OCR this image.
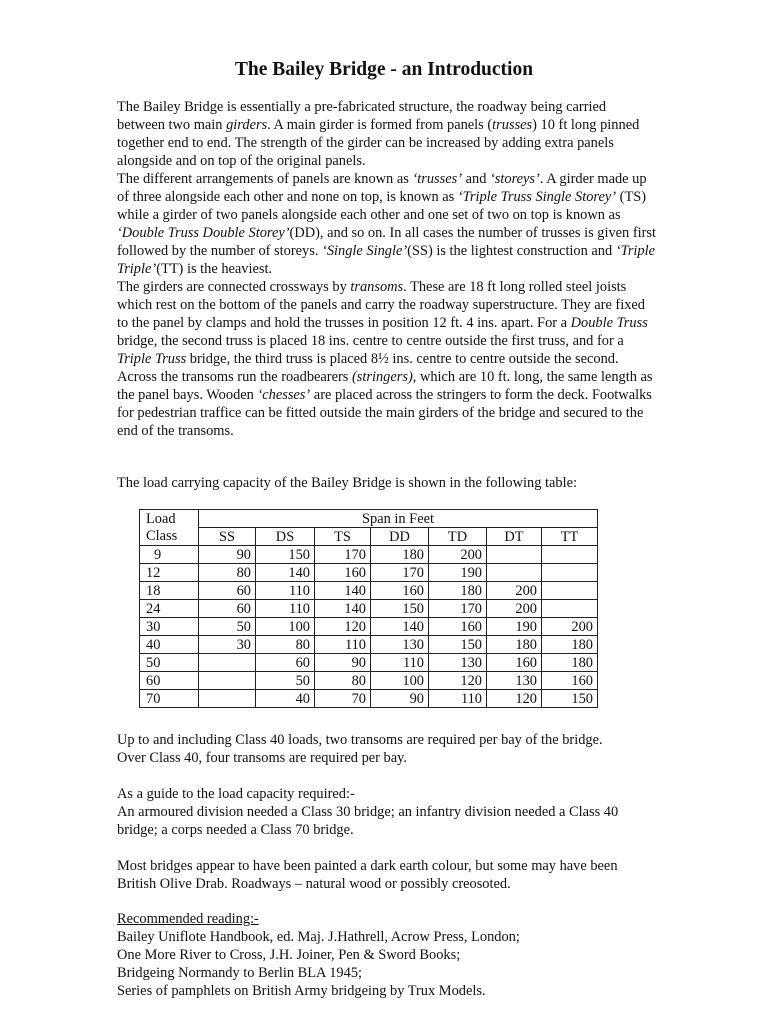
The Bailey Bridge - an Introduction

The Bailey Bridge is essentially a pre-fabricated structure, the roadway being carried between two main girders. A main girder is formed from panels (trusses) 10 ft long pinned together end to end. The strength of the girder can be increased by adding extra panels alongside and on top of the original panels.

The different arrangements of panels are known as ‘trusses’ and ‘storeys’. A girder made up of three alongside each other and none on top, is known as ‘Triple Truss Single Storey’ (TS) while a girder of two panels alongside each other and one set of two on top is known as ‘Double Truss Double Storey’(DD), and so on. In all cases the number of trusses is given first followed by the number of storeys. ‘Single Single’(SS) is the lightest construction and ‘Triple Triple’(TT) is the heaviest.

The girders are connected crossways by transoms. These are 18 ft long rolled steel joists which rest on the bottom of the panels and carry the roadway superstructure. They are fixed to the panel by clamps and hold the trusses in position 12 ft. 4 ins. apart. For a Double Truss bridge, the second truss is placed 18 ins. centre to centre outside the first truss, and for a Triple Truss bridge, the third truss is placed 8½ ins. centre to centre outside the second.

Across the transoms run the roadbearers (stringers), which are 10 ft. long, the same length as the panel bays. Wooden ‘chesses’ are placed across the stringers to form the deck. Footwalks for pedestrian traffice can be fitted outside the main girders of the bridge and secured to the end of the transoms.

The load carrying capacity of the Bailey Bridge is shown in the following table:
Load	Span in Feet						
Class	SS	DS	TS	DD	TD	DT	TT
9	90	150	170	180	200		
12	80	140	160	170	190		
18	60	110	140	160	180	200	
24	60	110	140	150	170	200	
30	50	100	120	140	160	190	200
40	30	80	110	130	150	180	180
50		60	90	110	130	160	180
60		50	80	100	120	130	160
70		40	70	90	110	120	150

Up to and including Class 40 loads, two transoms are required per bay of the bridge.

Over Class 40, four transoms are required per bay.

As a guide to the load capacity required:-

An armoured division needed a Class 30 bridge; an infantry division needed a Class 40 bridge; a corps needed a Class 70 bridge.

Most bridges appear to have been painted a dark earth colour, but some may have been British Olive Drab. Roadways – natural wood or possibly creosoted.

Recommended reading:-

Bailey Uniflote Handbook, ed. Maj. J.Hathrell, Acrow Press, London;

One More River to Cross, J.H. Joiner, Pen & Sword Books;

Bridgeing Normandy to Berlin BLA 1945;

Series of pamphlets on British Army bridgeing by Trux Models.
